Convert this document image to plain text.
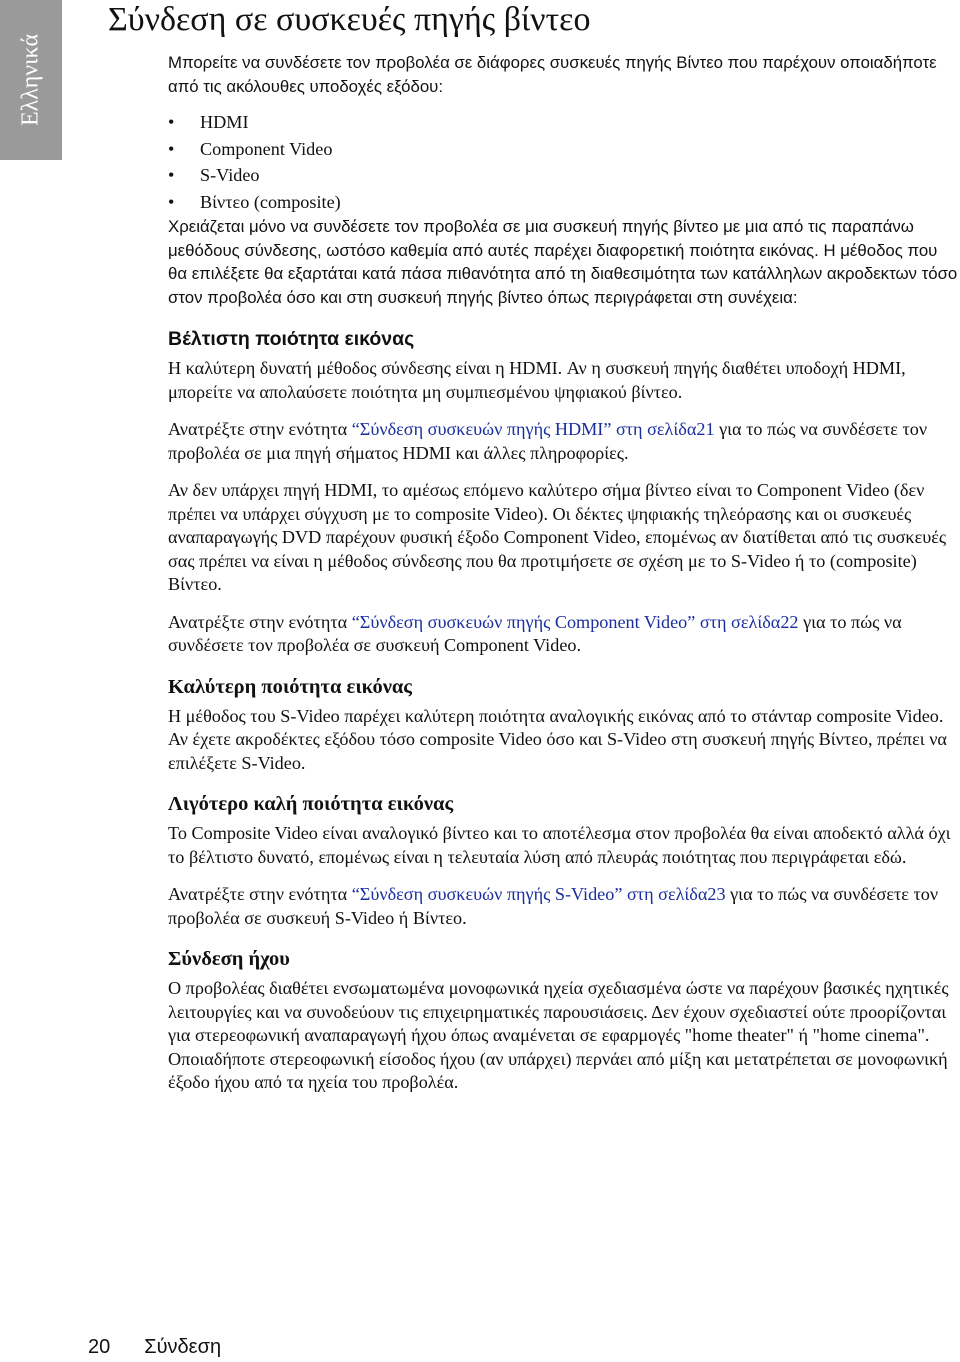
Ελληνικά
Σύνδεση σε συσκευές πηγής βίντεο

Μπορείτε να συνδέσετε τον προβολέα σε διάφορες συσκευές πηγής Βίντεο που παρέχουν οποιαδήποτε από τις ακόλουθες υποδοχές εξόδου:

• HDMI
• Component Video
• S-Video
• Βίντεο (composite)

Χρειάζεται μόνο να συνδέσετε τον προβολέα σε μια συσκευή πηγής βίντεο με μια από τις παραπάνω μεθόδους σύνδεσης, ωστόσο καθεμία από αυτές παρέχει διαφορετική ποιότητα εικόνας. Η μέθοδος που θα επιλέξετε θα εξαρτάται κατά πάσα πιθανότητα από τη διαθεσιμότητα των κατάλληλων ακροδεκτων τόσο στον προβολέα όσο και στη συσκευή πηγής βίντεο όπως περιγράφεται στη συνέχεια:

Βέλτιστη ποιότητα εικόνας

Η καλύτερη δυνατή μέθοδος σύνδεσης είναι η HDMI. Αν η συσκευή πηγής διαθέτει υποδοχή HDMI, μπορείτε να απολαύσετε ποιότητα μη συμπιεσμένου ψηφιακού βίντεο.

Ανατρέξτε στην ενότητα “Σύνδεση συσκευών πηγής HDMI” στη σελίδα21 για το πώς να συνδέσετε τον προβολέα σε μια πηγή σήματος HDMI και άλλες πληροφορίες.

Αν δεν υπάρχει πηγή HDMI, το αμέσως επόμενο καλύτερο σήμα βίντεο είναι το Component Video (δεν πρέπει να υπάρχει σύγχυση με το composite Video). Οι δέκτες ψηφιακής τηλεόρασης και οι συσκευές αναπαραγωγής DVD παρέχουν φυσική έξοδο Component Video, επομένως αν διατίθεται από τις συσκευές σας πρέπει να είναι η μέθοδος σύνδεσης που θα προτιμήσετε σε σχέση με το S-Video ή το (composite) Βίντεο.

Ανατρέξτε στην ενότητα “Σύνδεση συσκευών πηγής Component Video” στη σελίδα22 για το πώς να συνδέσετε τον προβολέα σε συσκευή Component Video.

Καλύτερη ποιότητα εικόνας

Η μέθοδος του S-Video παρέχει καλύτερη ποιότητα αναλογικής εικόνας από το στάνταρ composite Video. Αν έχετε ακροδέκτες εξόδου τόσο composite Video όσο και S-Video στη συσκευή πηγής Βίντεο, πρέπει να επιλέξετε S-Video.

Λιγότερο καλή ποιότητα εικόνας

Το Composite Video είναι αναλογικό βίντεο και το αποτέλεσμα στον προβολέα θα είναι αποδεκτό αλλά όχι το βέλτιστο δυνατό, επομένως είναι η τελευταία λύση από πλευράς ποιότητας που περιγράφεται εδώ.

Ανατρέξτε στην ενότητα “Σύνδεση συσκευών πηγής S-Video” στη σελίδα23 για το πώς να συνδέσετε τον προβολέα σε συσκευή S-Video ή Βίντεο.

Σύνδεση ήχου

Ο προβολέας διαθέτει ενσωματωμένα μονοφωνικά ηχεία σχεδιασμένα ώστε να παρέχουν βασικές ηχητικές λειτουργίες και να συνοδεύουν τις επιχειρηματικές παρουσιάσεις. Δεν έχουν σχεδιαστεί ούτε προορίζονται για στερεοφωνική αναπαραγωγή ήχου όπως αναμένεται σε εφαρμογές "home theater" ή "home cinema". Οποιαδήποτε στερεοφωνική είσοδος ήχου (αν υπάρχει) περνάει από μίξη και μετατρέπεται σε μονοφωνική έξοδο ήχου από τα ηχεία του προβολέα.

20 Σύνδεση
